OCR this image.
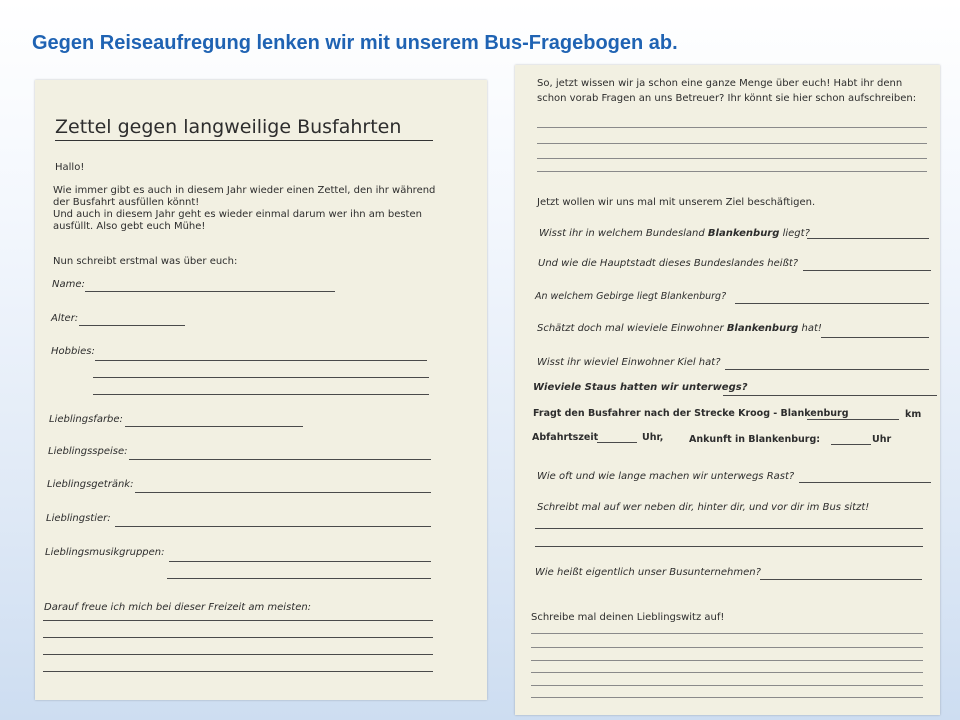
Gegen Reiseaufregung lenken wir mit unserem Bus-Fragebogen ab.
Zettel gegen langweilige Busfahrten
Hallo!
Wie immer gibt es auch in diesem Jahr wieder einen Zettel, den ihr während
der Busfahrt ausfüllen könnt!
Und auch in diesem Jahr geht es wieder einmal darum wer ihn am besten
ausfüllt. Also gebt euch Mühe!
Nun schreibt erstmal was über euch:
Name:
Alter:
Hobbies:
Lieblingsfarbe:
Lieblingsspeise:
Lieblingsgetränk:
Lieblingstier:
Lieblingsmusikgruppen:
Darauf freue ich mich bei dieser Freizeit am meisten:
So, jetzt wissen wir ja schon eine ganze Menge über euch! Habt ihr denn
schon vorab Fragen an uns Betreuer? Ihr könnt sie hier schon aufschreiben:
Jetzt wollen wir uns mal mit unserem Ziel beschäftigen.
Wisst ihr in welchem Bundesland Blankenburg liegt?
Und wie die Hauptstadt dieses Bundeslandes heißt?
An welchem Gebirge liegt Blankenburg?
Schätzt doch mal wieviele Einwohner Blankenburg hat!
Wisst ihr wieviel Einwohner Kiel hat?
Wieviele Staus hatten wir unterwegs?
Fragt den Busfahrer nach der Strecke Kroog - Blankenburg	km
Abfahrtszeit	Uhr,	Ankunft in Blankenburg:	Uhr
Wie oft und wie lange machen wir unterwegs Rast?
Schreibt mal auf wer neben dir, hinter dir, und vor dir im Bus sitzt!
Wie heißt eigentlich unser Busunternehmen?
Schreibe mal deinen Lieblingswitz auf!
